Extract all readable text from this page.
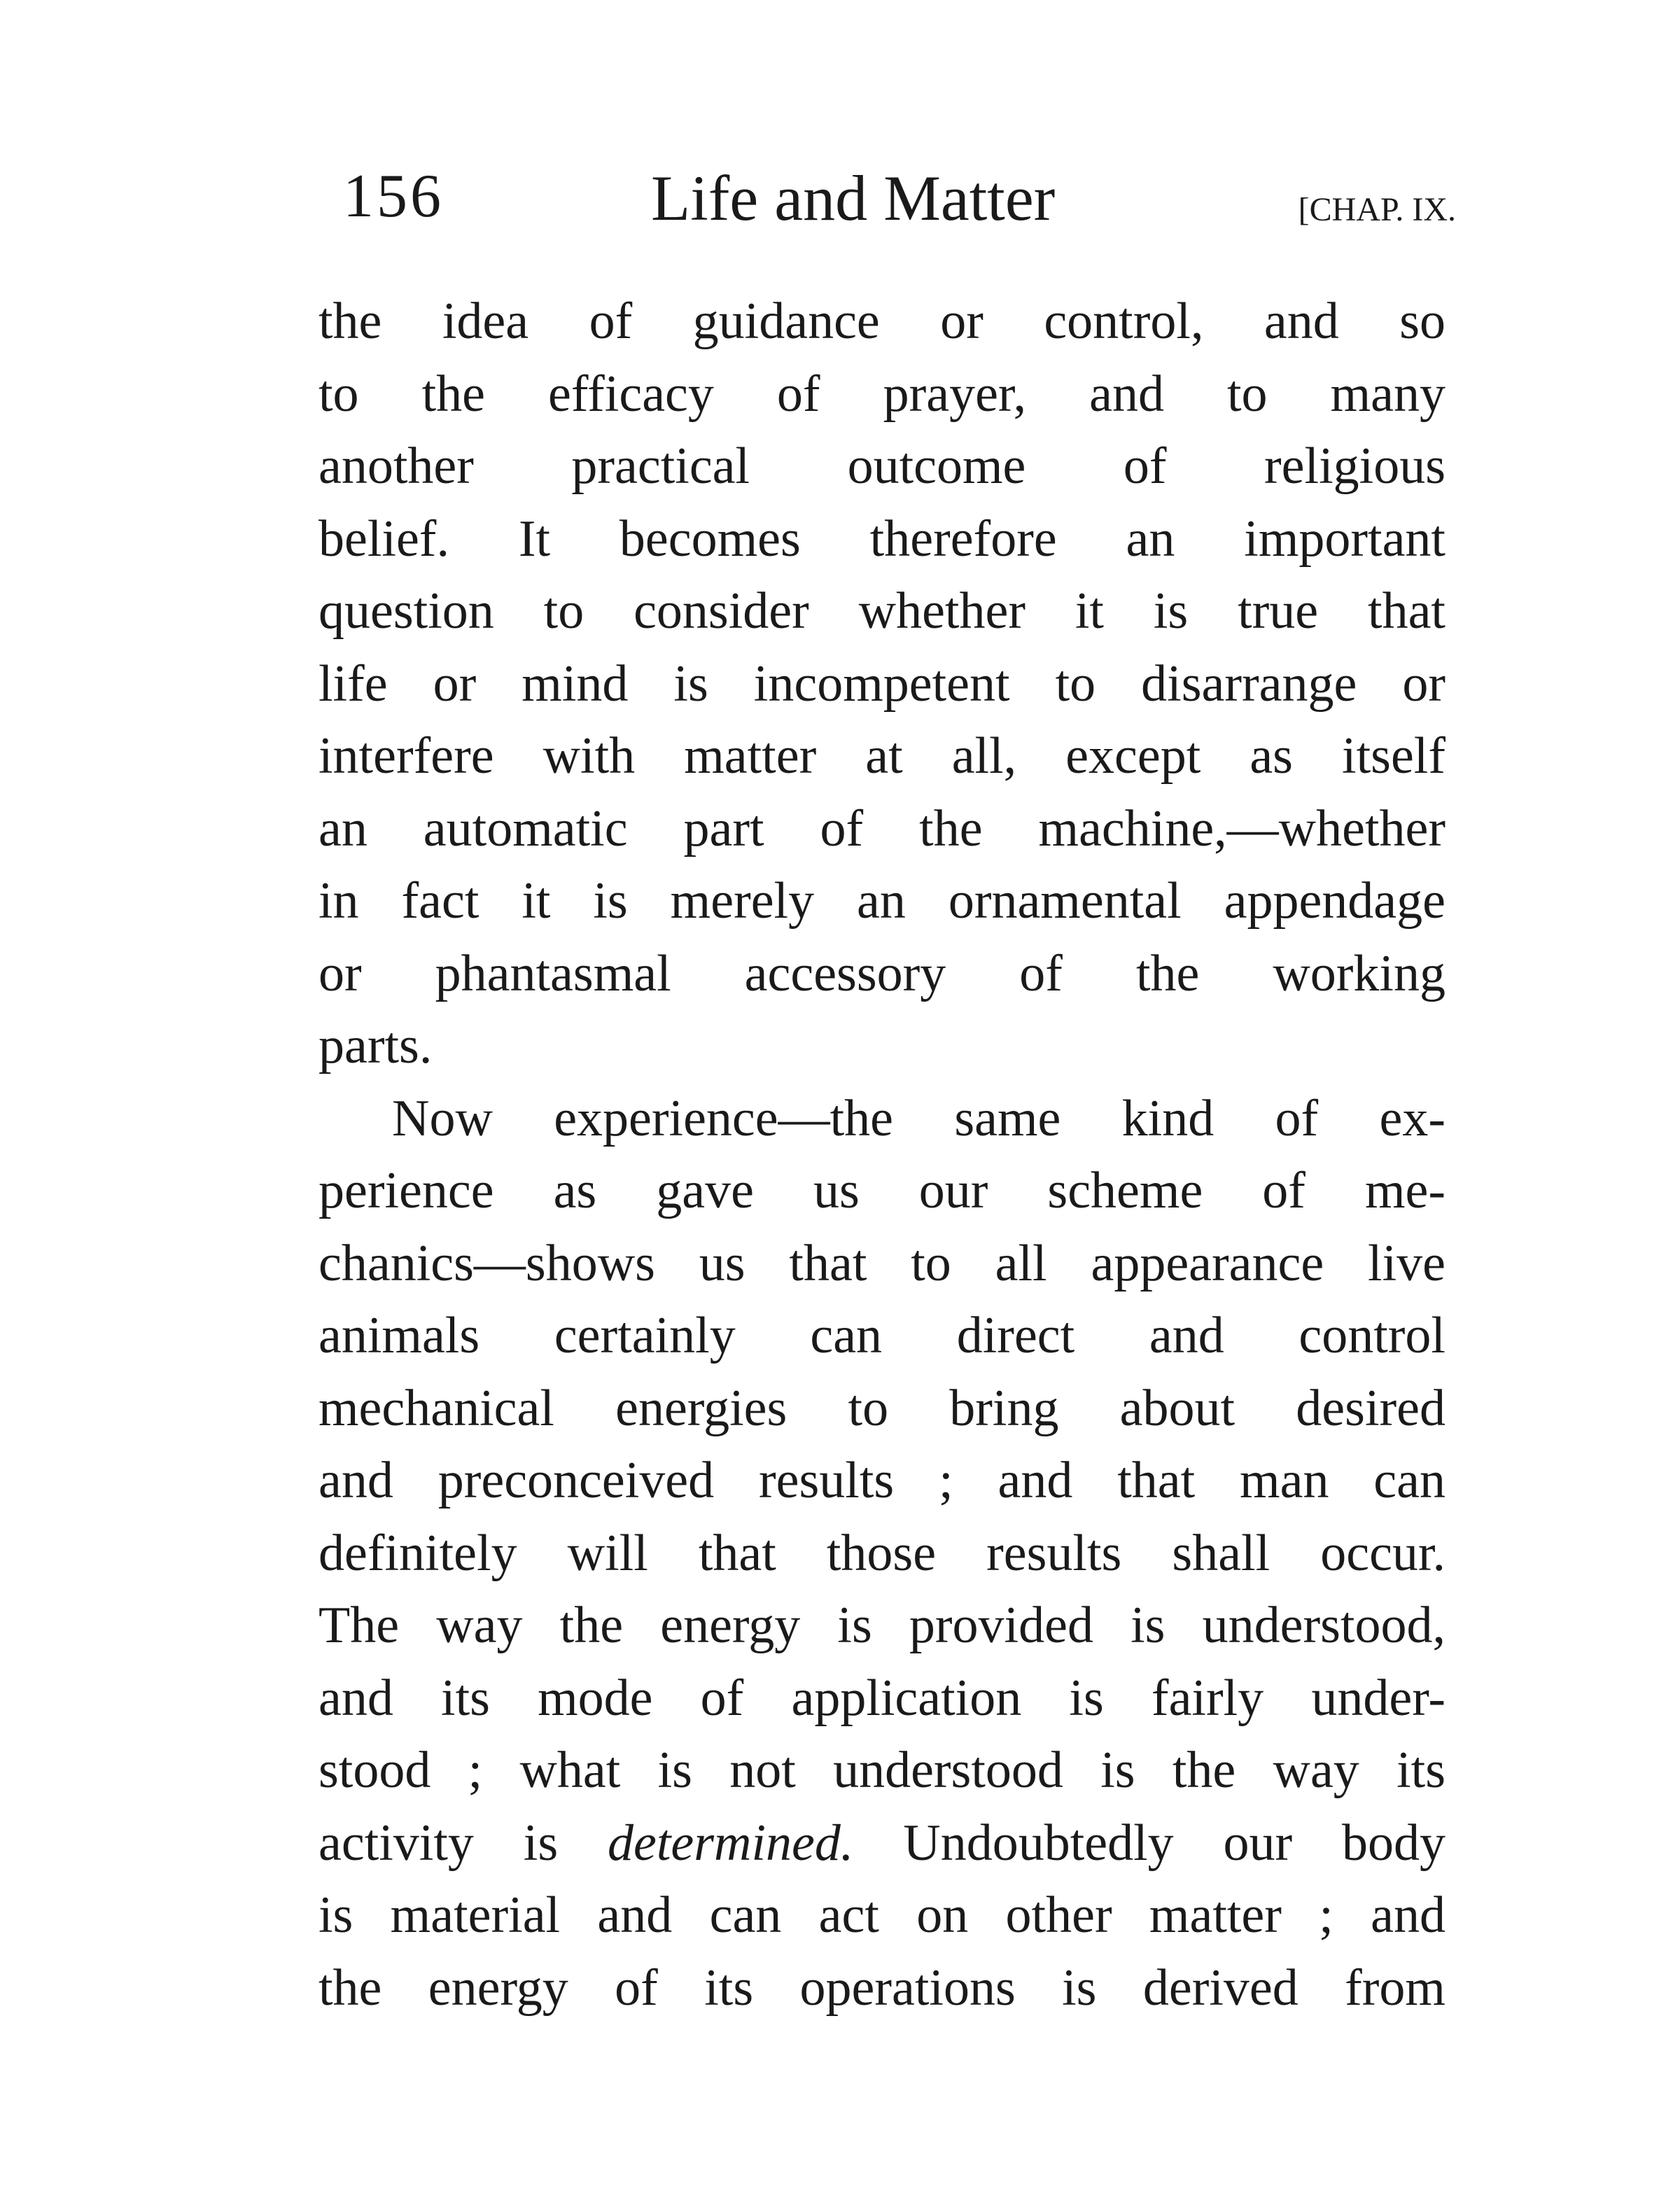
156	Life and Matter	[CHAP. IX.
the idea of guidance or control, and so
to the efficacy of prayer, and to many
another practical outcome of religious
belief. It becomes therefore an important
question to consider whether it is true that
life or mind is incompetent to disarrange or
interfere with matter at all, except as itself
an automatic part of the machine,—whether
in fact it is merely an ornamental appendage
or phantasmal accessory of the working
parts.
Now experience—the same kind of ex-
perience as gave us our scheme of me-
chanics—shows us that to all appearance live
animals certainly can direct and control
mechanical energies to bring about desired
and preconceived results ; and that man can
definitely will that those results shall occur.
The way the energy is provided is understood,
and its mode of application is fairly under-
stood ; what is not understood is the way its
activity is determined. Undoubtedly our body
is material and can act on other matter ; and
the energy of its operations is derived from
